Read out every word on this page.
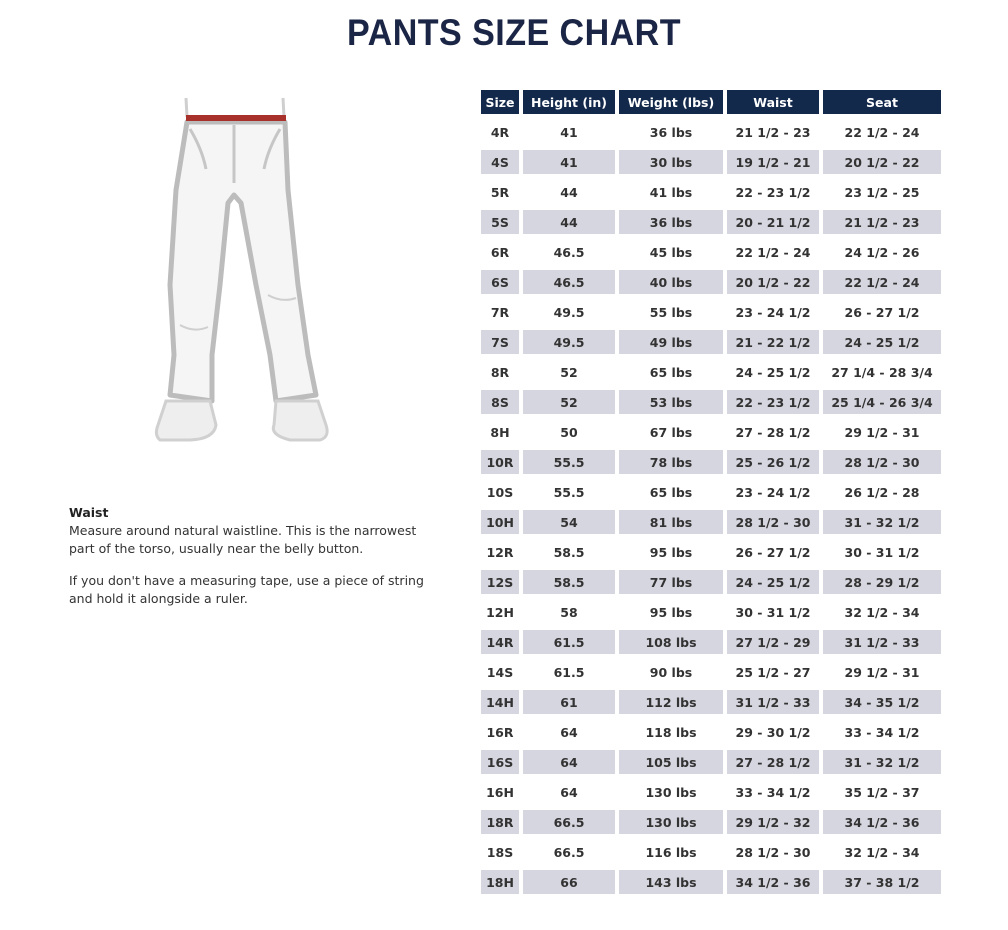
PANTS SIZE CHART

Waist

Measure around natural waistline. This is the narrowest part of the torso, usually near the belly button.

If you don't have a measuring tape, use a piece of string and hold it alongside a ruler.

Size	Height (in)	Weight (lbs)	Waist	Seat
4R	41	36 lbs	21 1/2 - 23	22 1/2 - 24
4S	41	30 lbs	19 1/2 - 21	20 1/2 - 22
5R	44	41 lbs	22 - 23 1/2	23 1/2 - 25
5S	44	36 lbs	20 - 21 1/2	21 1/2 - 23
6R	46.5	45 lbs	22 1/2 - 24	24 1/2 - 26
6S	46.5	40 lbs	20 1/2 - 22	22 1/2 - 24
7R	49.5	55 lbs	23 - 24 1/2	26 - 27 1/2
7S	49.5	49 lbs	21 - 22 1/2	24 - 25 1/2
8R	52	65 lbs	24 - 25 1/2	27 1/4 - 28 3/4
8S	52	53 lbs	22 - 23 1/2	25 1/4 - 26 3/4
8H	50	67 lbs	27 - 28 1/2	29 1/2 - 31
10R	55.5	78 lbs	25 - 26 1/2	28 1/2 - 30
10S	55.5	65 lbs	23 - 24 1/2	26 1/2 - 28
10H	54	81 lbs	28 1/2 - 30	31 - 32 1/2
12R	58.5	95 lbs	26 - 27 1/2	30 - 31 1/2
12S	58.5	77 lbs	24 - 25 1/2	28 - 29 1/2
12H	58	95 lbs	30 - 31 1/2	32 1/2 - 34
14R	61.5	108 lbs	27 1/2 - 29	31 1/2 - 33
14S	61.5	90 lbs	25 1/2 - 27	29 1/2 - 31
14H	61	112 lbs	31 1/2 - 33	34 - 35 1/2
16R	64	118 lbs	29 - 30 1/2	33 - 34 1/2
16S	64	105 lbs	27 - 28 1/2	31 - 32 1/2
16H	64	130 lbs	33 - 34 1/2	35 1/2 - 37
18R	66.5	130 lbs	29 1/2 - 32	34 1/2 - 36
18S	66.5	116 lbs	28 1/2 - 30	32 1/2 - 34
18H	66	143 lbs	34 1/2 - 36	37 - 38 1/2
